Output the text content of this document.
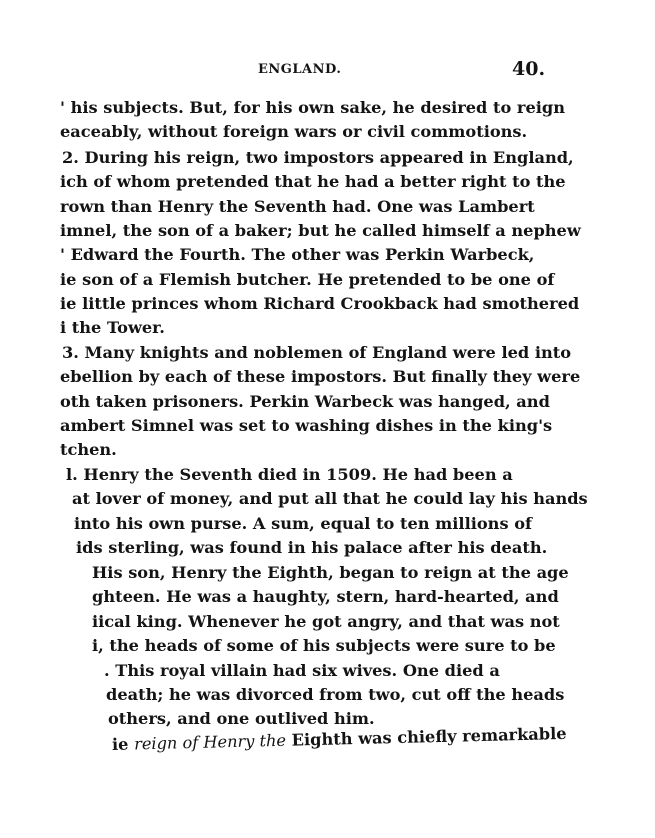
ENGLAND.	40.
' his subjects. But, for his own sake, he desired to reign
eaceably, without foreign wars or civil commotions.
2. During his reign, two impostors appeared in England,
ich of whom pretended that he had a better right to the
rown than Henry the Seventh had. One was Lambert
imnel, the son of a baker; but he called himself a nephew
' Edward the Fourth. The other was Perkin Warbeck,
ie son of a Flemish butcher. He pretended to be one of
ie little princes whom Richard Crookback had smothered
i the Tower.
3. Many knights and noblemen of England were led into
ebellion by each of these impostors. But finally they were
oth taken prisoners. Perkin Warbeck was hanged, and
ambert Simnel was set to washing dishes in the king's
tchen.
l. Henry the Seventh died in 1509. He had been a
at lover of money, and put all that he could lay his hands
into his own purse. A sum, equal to ten millions of
ids sterling, was found in his palace after his death.
His son, Henry the Eighth, began to reign at the age
ghteen. He was a haughty, stern, hard-hearted, and
iical king. Whenever he got angry, and that was not
i, the heads of some of his subjects were sure to be
. This royal villain had six wives. One died a
death; he was divorced from two, cut off the heads
others, and one outlived him.
ie reign of Henry the Eighth was chiefly remarkable
